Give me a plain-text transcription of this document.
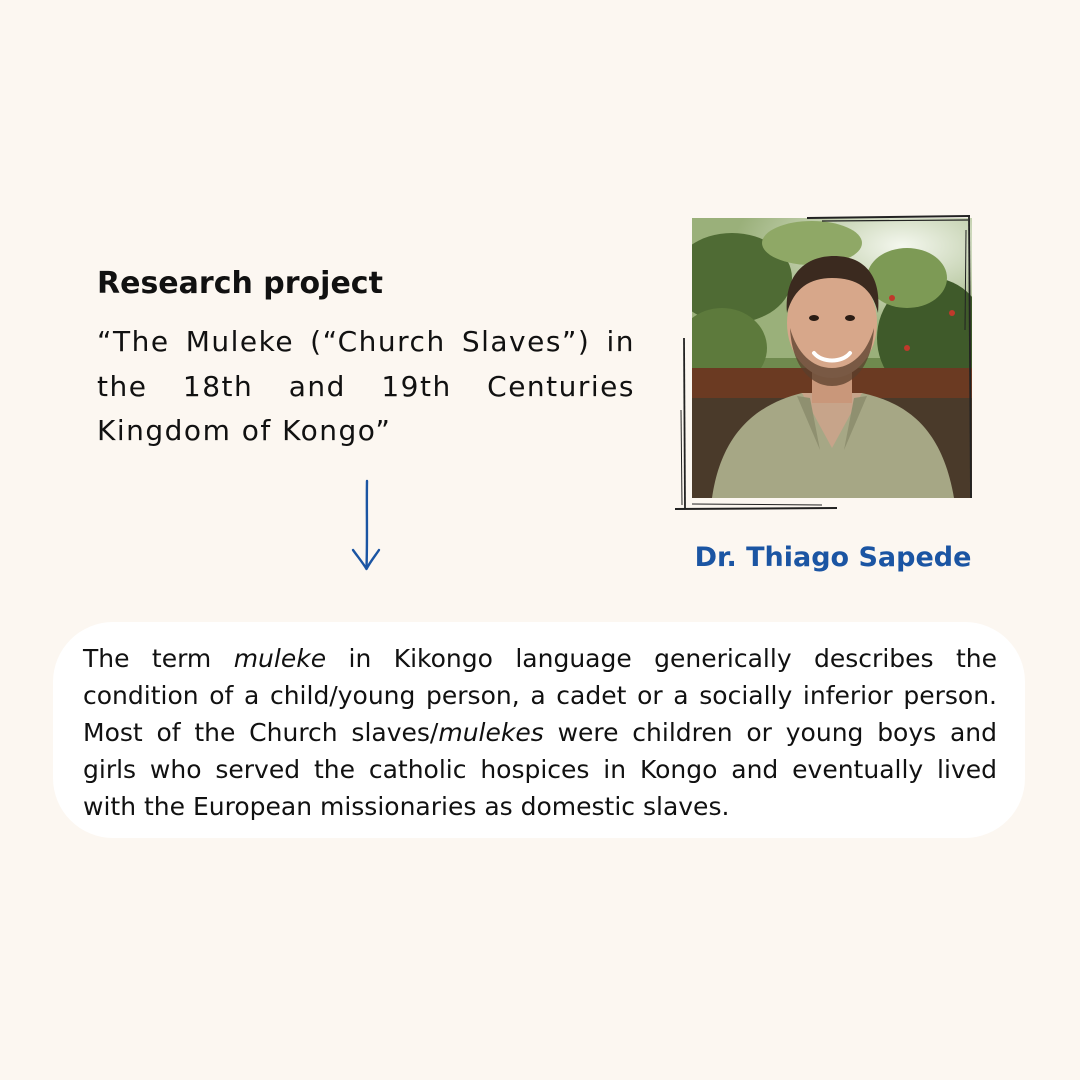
Research project

“The Muleke (“Church Slaves”) in the 18th and 19th Centuries Kingdom of Kongo”

Dr. Thiago Sapede

The term muleke in Kikongo language generically describes the condition of a child/young person, a cadet or a socially inferior person. Most of the Church slaves/mulekes were children or young boys and girls who served the catholic hospices in Kongo and eventually lived with the European missionaries as domestic slaves.
